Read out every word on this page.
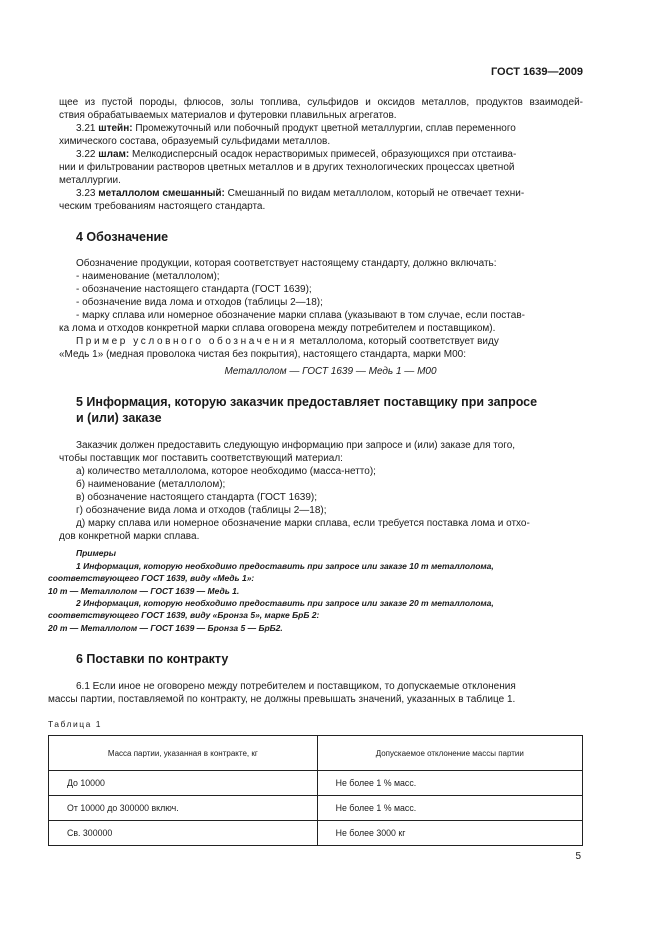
ГОСТ 1639—2009
щее из пустой породы, флюсов, золы топлива, сульфидов и оксидов металлов, продуктов взаимодей-
ствия обрабатываемых материалов и футеровки плавильных агрегатов.
3.21 штейн: Промежуточный или побочный продукт цветной металлургии, сплав переменного
химического состава, образуемый сульфидами металлов.
3.22 шлам: Мелкодисперсный осадок нерастворимых примесей, образующихся при отстаива-
нии и фильтровании растворов цветных металлов и в других технологических процессах цветной
металлургии.
3.23 металлолом смешанный: Смешанный по видам металлолом, который не отвечает техни-
ческим требованиям настоящего стандарта.
4 Обозначение
Обозначение продукции, которая соответствует настоящему стандарту, должно включать:
- наименование (металлолом);
- обозначение настоящего стандарта (ГОСТ 1639);
- обозначение вида лома и отходов (таблицы 2—18);
- марку сплава или номерное обозначение марки сплава (указывают в том случае, если постав-
ка лома и отходов конкретной марки сплава оговорена между потребителем и поставщиком).
Пример условного обозначения металлолома, который соответствует виду
«Медь 1» (медная проволока чистая без покрытия), настоящего стандарта, марки М00:
Металлолом — ГОСТ 1639 — Медь 1 — М00
5 Информация, которую заказчик предоставляет поставщику при запросе
и (или) заказе
Заказчик должен предоставить следующую информацию при запросе и (или) заказе для того,
чтобы поставщик мог поставить соответствующий материал:
а) количество металлолома, которое необходимо (масса-нетто);
б) наименование (металлолом);
в) обозначение настоящего стандарта (ГОСТ 1639);
г) обозначение вида лома и отходов (таблицы 2—18);
д) марку сплава или номерное обозначение марки сплава, если требуется поставка лома и отхо-
дов конкретной марки сплава.
Примеры
1 Информация, которую необходимо предоставить при запросе или заказе 10 т металлолома,
соответствующего ГОСТ 1639, виду «Медь 1»:
10 т — Металлолом — ГОСТ 1639 — Медь 1.
2 Информация, которую необходимо предоставить при запросе или заказе 20 т металлолома,
соответствующего ГОСТ 1639, виду «Бронза 5», марке БрБ 2:
20 т — Металлолом — ГОСТ 1639 — Бронза 5 — БрБ2.
6 Поставки по контракту
6.1 Если иное не оговорено между потребителем и поставщиком, то допускаемые отклонения
массы партии, поставляемой по контракту, не должны превышать значений, указанных в таблице 1.
Таблица 1
Масса партии, указанная в контракте, кг	Допускаемое отклонение массы партии
До 10000	Не более 1 % масс.
От 10000 до 300000 включ.	Не более 1 % масс.
Св. 300000	Не более 3000 кг
5
